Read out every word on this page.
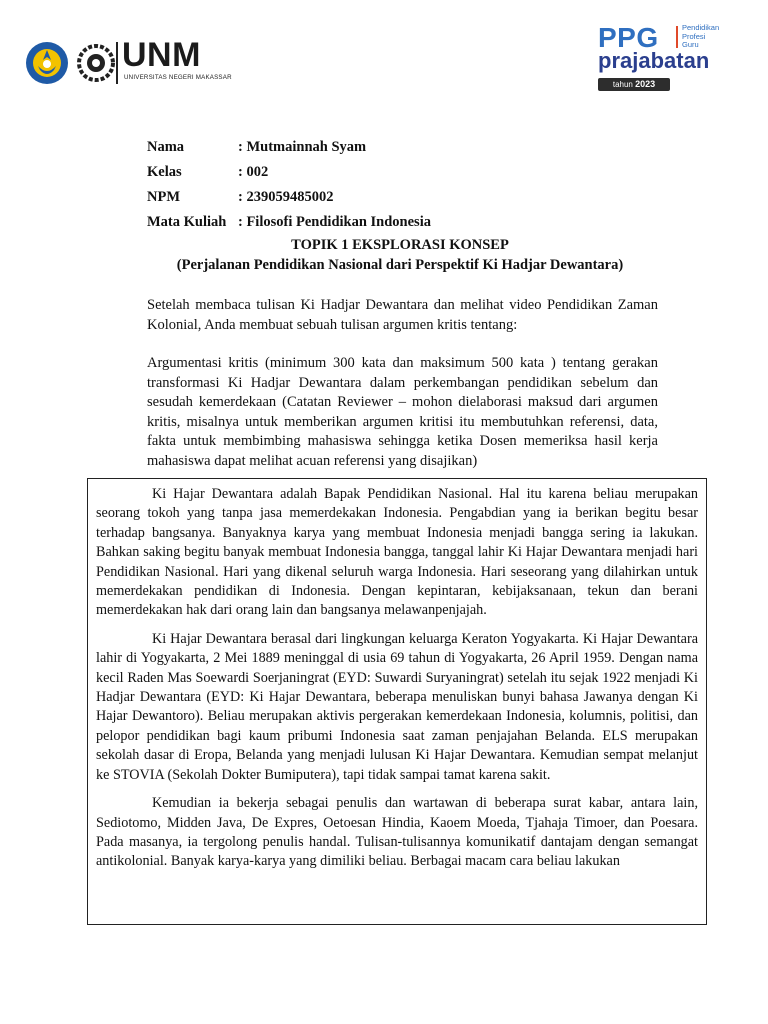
UNM
UNIVERSITAS NEGERI MAKASSAR
PPG	Pendidikan
Profesi
Guru
prajabatan
tahun 2023
Nama	: Mutmainnah Syam
Kelas	: 002
NPM	: 239059485002
Mata Kuliah : Filosofi Pendidikan Indonesia
TOPIK 1 EKSPLORASI KONSEP
(Perjalanan Pendidikan Nasional dari Perspektif Ki Hadjar Dewantara)

Setelah membaca tulisan Ki Hadjar Dewantara dan melihat video Pendidikan Zaman Kolonial, Anda membuat sebuah tulisan argumen kritis tentang:

Argumentasi kritis (minimum 300 kata dan maksimum 500 kata ) tentang gerakan transformasi Ki Hadjar Dewantara dalam perkembangan pendidikan sebelum dan sesudah kemerdekaan (Catatan Reviewer – mohon dielaborasi maksud dari argumen kritis, misalnya untuk memberikan argumen kritisi itu membutuhkan referensi, data, fakta untuk membimbing mahasiswa sehingga ketika Dosen memeriksa hasil kerja mahasiswa dapat melihat acuan referensi yang disajikan)

Ki Hajar Dewantara adalah Bapak Pendidikan Nasional. Hal itu karena beliau merupakan seorang tokoh yang tanpa jasa memerdekakan Indonesia. Pengabdian yang ia berikan begitu besar terhadap bangsanya. Banyaknya karya yang membuat Indonesia menjadi bangga sering ia lakukan. Bahkan saking begitu banyak membuat Indonesia bangga, tanggal lahir Ki Hajar Dewantara menjadi hari Pendidikan Nasional. Hari yang dikenal seluruh warga Indonesia. Hari seseorang yang dilahirkan untuk memerdekakan pendidikan di Indonesia. Dengan kepintaran, kebijaksanaan, tekun dan berani memerdekakan hak dari orang lain dan bangsanya melawanpenjajah.

Ki Hajar Dewantara berasal dari lingkungan keluarga Keraton Yogyakarta. Ki Hajar Dewantara lahir di Yogyakarta, 2 Mei 1889 meninggal di usia 69 tahun di Yogyakarta, 26 April 1959. Dengan nama kecil Raden Mas Soewardi Soerjaningrat (EYD: Suwardi Suryaningrat) setelah itu sejak 1922 menjadi Ki Hadjar Dewantara (EYD: Ki Hajar Dewantara, beberapa menuliskan bunyi bahasa Jawanya dengan Ki Hajar Dewantoro). Beliau merupakan aktivis pergerakan kemerdekaan Indonesia, kolumnis, politisi, dan pelopor pendidikan bagi kaum pribumi Indonesia saat zaman penjajahan Belanda. ELS merupakan sekolah dasar di Eropa, Belanda yang menjadi lulusan Ki Hajar Dewantara. Kemudian sempat melanjut ke STOVIA (Sekolah Dokter Bumiputera), tapi tidak sampai tamat karena sakit.

Kemudian ia bekerja sebagai penulis dan wartawan di beberapa surat kabar, antara lain, Sediotomo, Midden Java, De Expres, Oetoesan Hindia, Kaoem Moeda, Tjahaja Timoer, dan Poesara. Pada masanya, ia tergolong penulis handal. Tulisan-tulisannya komunikatif dantajam dengan semangat antikolonial. Banyak karya-karya yang dimiliki beliau. Berbagai macam cara beliau lakukan
